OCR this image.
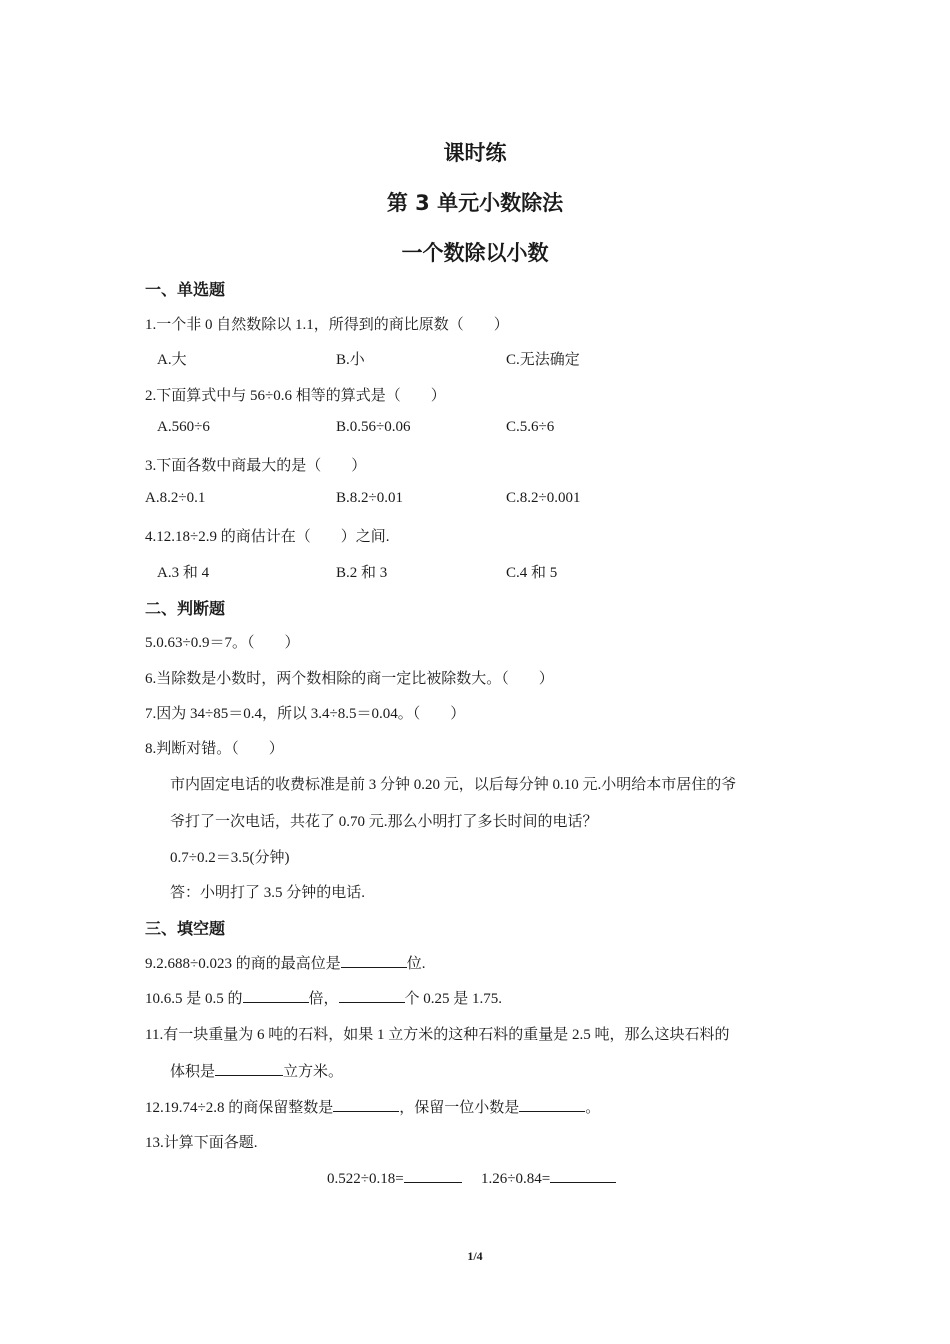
课时练
第 3 单元小数除法
一个数除以小数
一、单选题
1.一个非 0 自然数除以 1.1，所得到的商比原数（　　）
A.大	B.小	C.无法确定
2.下面算式中与 56÷0.6 相等的算式是（　　）
A.560÷6	B.0.56÷0.06	C.5.6÷6
3.下面各数中商最大的是（　　）
A.8.2÷0.1	B.8.2÷0.01	C.8.2÷0.001
4.12.18÷2.9 的商估计在（　　）之间.
A.3 和 4	B.2 和 3	C.4 和 5
二、判断题
5.0.63÷0.9＝7。（　　）
6.当除数是小数时，两个数相除的商一定比被除数大。（　　）
7.因为 34÷85＝0.4，所以 3.4÷8.5＝0.04。（　　）
8.判断对错。（　　）
市内固定电话的收费标准是前 3 分钟 0.20 元，以后每分钟 0.10 元.小明给本市居住的爷
爷打了一次电话，共花了 0.70 元.那么小明打了多长时间的电话？
0.7÷0.2＝3.5(分钟)
答：小明打了 3.5 分钟的电话.
三、填空题
9.2.688÷0.023 的商的最高位是	位.
10.6.5 是 0.5 的	倍，	个 0.25 是 1.75.
11.有一块重量为 6 吨的石料，如果 1 立方米的这种石料的重量是 2.5 吨，那么这块石料的
体积是	立方米。
12.19.74÷2.8 的商保留整数是	，保留一位小数是	。
13.计算下面各题.
0.522÷0.18=	1.26÷0.84=
1/4
